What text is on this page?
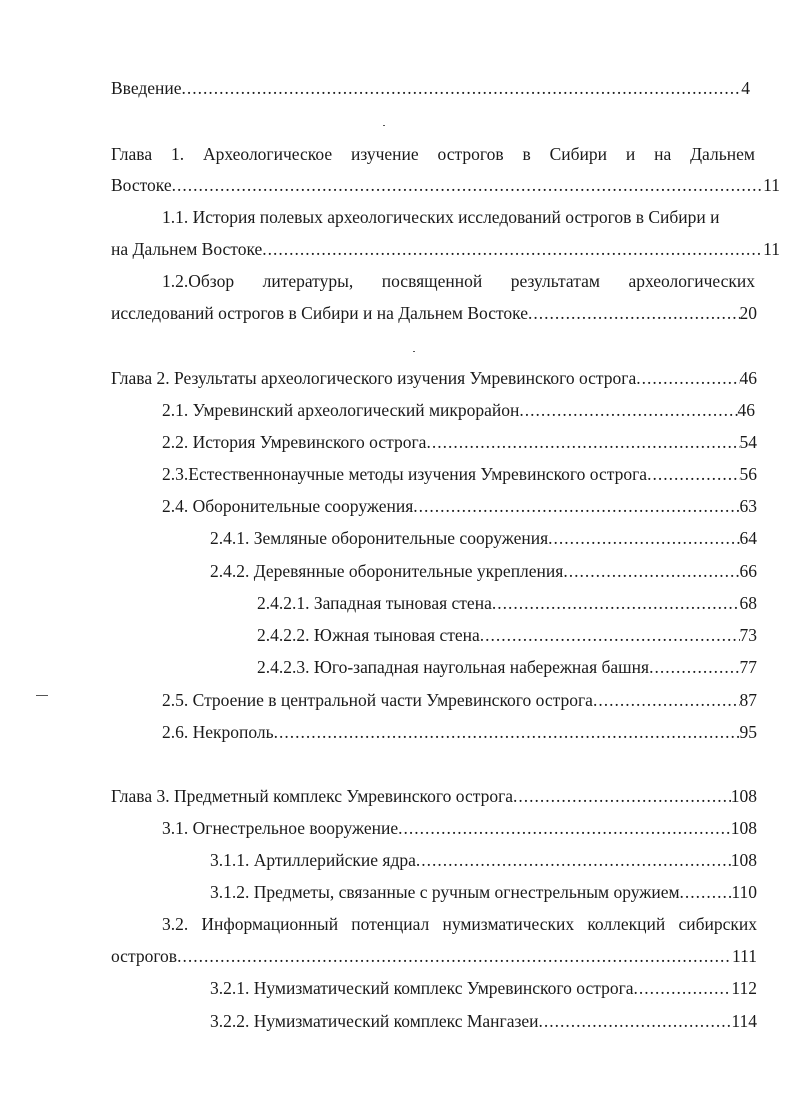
Введение .....	4
Глава 1. Археологическое изучение острогов в Сибири и на Дальнем
Востоке .....	11
1.1. История полевых археологических исследований острогов в Сибири и
на Дальнем Востоке .....	11
1.2.Обзор литературы, посвященной результатам археологических
исследований острогов в Сибири и на Дальнем Востоке .....	20
Глава 2. Результаты археологического изучения Умревинского острога .....	46
2.1. Умревинский археологический микрорайон .....	46
2.2. История Умревинского острога .....	54
2.3.Естественнонаучные методы изучения Умревинского острога .....	56
2.4. Оборонительные сооружения .....	63
2.4.1. Земляные оборонительные сооружения .....	64
2.4.2. Деревянные оборонительные укрепления .....	66
2.4.2.1. Западная тыновая стена .....	68
2.4.2.2. Южная тыновая стена .....	73
2.4.2.3. Юго-западная наугольная набережная башня .....	77
2.5. Строение в центральной части Умревинского острога .....	87
2.6. Некрополь .....	95
Глава 3. Предметный комплекс Умревинского острога .....	108
3.1. Огнестрельное вооружение .....	108
3.1.1. Артиллерийские ядра .....	108
3.1.2. Предметы, связанные с ручным огнестрельным оружием .....	110
3.2. Информационный потенциал нумизматических коллекций сибирских
острогов .....	111
3.2.1. Нумизматический комплекс Умревинского острога .....	112
3.2.2. Нумизматический комплекс Мангазеи .....	114
